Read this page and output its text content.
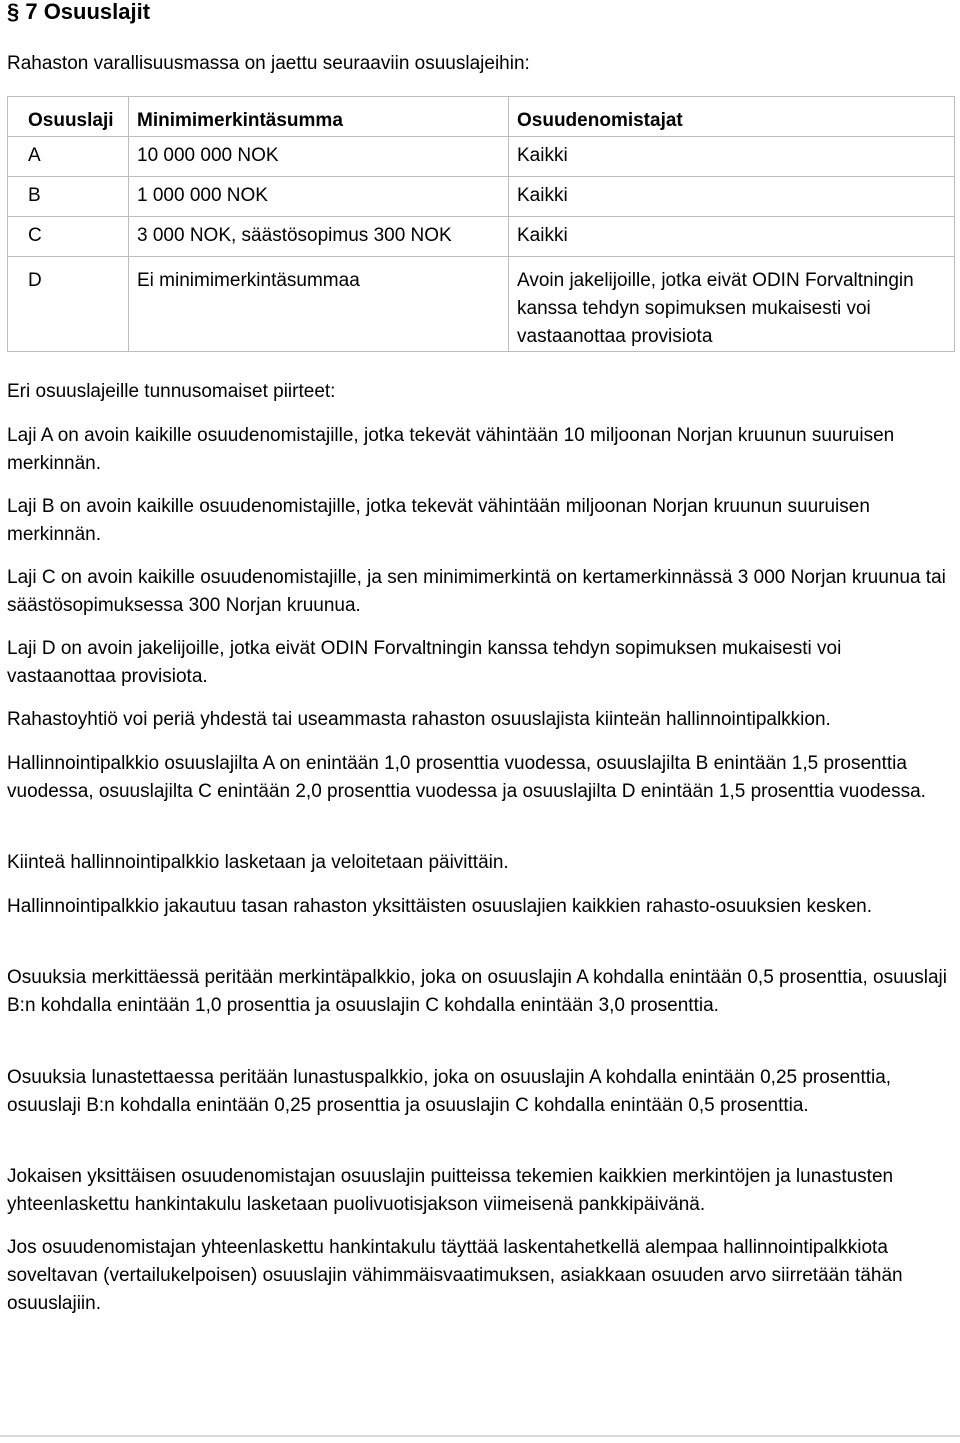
§ 7 Osuuslajit
Rahaston varallisuusmassa on jaettu seuraaviin osuuslajeihin:
Osuuslaji	Minimimerkintäsumma	Osuudenomistajat
A	10 000 000 NOK	Kaikki
B	1 000 000 NOK	Kaikki
C	3 000 NOK, säästösopimus 300 NOK	Kaikki
D	Ei minimimerkintäsummaa	Avoin jakelijoille, jotka eivät ODIN Forvaltningin kanssa tehdyn sopimuksen mukaisesti voi vastaanottaa provisiota
Eri osuuslajeille tunnusomaiset piirteet:
Laji A on avoin kaikille osuudenomistajille, jotka tekevät vähintään 10 miljoonan Norjan kruunun suuruisen merkinnän.
Laji B on avoin kaikille osuudenomistajille, jotka tekevät vähintään miljoonan Norjan kruunun suuruisen merkinnän.
Laji C on avoin kaikille osuudenomistajille, ja sen minimimerkintä on kertamerkinnässä 3 000 Norjan kruunua tai säästösopimuksessa 300 Norjan kruunua.
Laji D on avoin jakelijoille, jotka eivät ODIN Forvaltningin kanssa tehdyn sopimuksen mukaisesti voi vastaanottaa provisiota.
Rahastoyhtiö voi periä yhdestä tai useammasta rahaston osuuslajista kiinteän hallinnointipalkkion.
Hallinnointipalkkio osuuslajilta A on enintään 1,0 prosenttia vuodessa, osuuslajilta B enintään 1,5 prosenttia vuodessa, osuuslajilta C enintään 2,0 prosenttia vuodessa ja osuuslajilta D enintään 1,5 prosenttia vuodessa.
Kiinteä hallinnointipalkkio lasketaan ja veloitetaan päivittäin.
Hallinnointipalkkio jakautuu tasan rahaston yksittäisten osuuslajien kaikkien rahasto-osuuksien kesken.
Osuuksia merkittäessä peritään merkintäpalkkio, joka on osuuslajin A kohdalla enintään 0,5 prosenttia, osuuslaji B:n kohdalla enintään 1,0 prosenttia ja osuuslajin C kohdalla enintään 3,0 prosenttia.
Osuuksia lunastettaessa peritään lunastuspalkkio, joka on osuuslajin A kohdalla enintään 0,25 prosenttia, osuuslaji B:n kohdalla enintään 0,25 prosenttia ja osuuslajin C kohdalla enintään 0,5 prosenttia.
Jokaisen yksittäisen osuudenomistajan osuuslajin puitteissa tekemien kaikkien merkintöjen ja lunastusten yhteenlaskettu hankintakulu lasketaan puolivuotisjakson viimeisenä pankkipäivänä.
Jos osuudenomistajan yhteenlaskettu hankintakulu täyttää laskentahetkellä alempaa hallinnointipalkkiota soveltavan (vertailukelpoisen) osuuslajin vähimmäisvaatimuksen, asiakkaan osuuden arvo siirretään tähän osuuslajiin.
